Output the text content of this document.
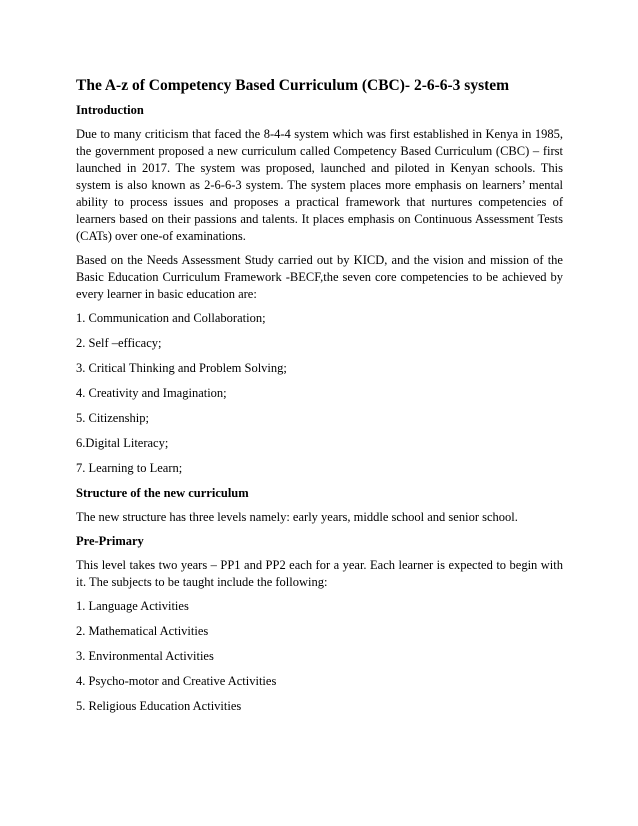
The A-z of Competency Based Curriculum (CBC)- 2-6-6-3 system
Introduction
Due to many criticism that faced the 8-4-4 system which was first established in Kenya in 1985, the government proposed a new curriculum called Competency Based Curriculum (CBC) – first launched in 2017. The system was proposed, launched and piloted in Kenyan schools. This system is also known as 2-6-6-3 system. The system places more emphasis on learners’ mental ability to process issues and proposes a practical framework that nurtures competencies of learners based on their passions and talents. It places emphasis on Continuous Assessment Tests (CATs) over one-of examinations.
Based on the Needs Assessment Study carried out by KICD, and the vision and mission of the Basic Education Curriculum Framework -BECF,the seven core competencies to be achieved by every learner in basic education are:
1. Communication and Collaboration;
2. Self –efficacy;
3. Critical Thinking and Problem Solving;
4. Creativity and Imagination;
5. Citizenship;
6.Digital Literacy;
7. Learning to Learn;
Structure of the new curriculum
The new structure has three levels namely: early years, middle school and senior school.
Pre-Primary
This level takes two years – PP1 and PP2 each for a year. Each learner is expected to begin with it. The subjects to be taught include the following:
1. Language Activities
2. Mathematical Activities
3. Environmental Activities
4. Psycho-motor and Creative Activities
5. Religious Education Activities
